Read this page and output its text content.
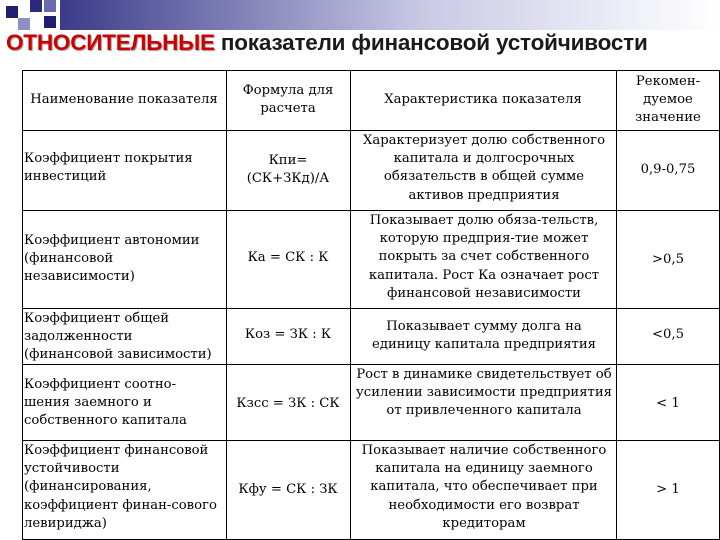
ОТНОСИТЕЛЬНЫЕ показатели финансовой устойчивости
Наименование показателя
Формула для расчета
Характеристика показателя
Рекомен-дуемое значение
Коэффициент покрытия инвестиций
Кпи= (СК+ЗКд)/А
Характеризует долю собственного капитала и долгосрочных обязательств в общей сумме активов предприятия
0,9-0,75
Коэффициент автономии (финансовой независимости)
Ка = СК : К
Показывает долю обяза-тельств, которую предприя-тие может покрыть за счет собственного капитала. Рост Ка означает рост финансовой независимости
>0,5
Коэффициент общей задолженности (финансовой зависимости)
Коз = ЗК : К
Показывает сумму долга на единицу капитала предприятия
<0,5
Коэффициент соотно-шения заемного и собственного капитала
Кзсс = ЗК : СК
Рост в динамике свидетельствует об усилении зависимости предприятия от привлеченного капитала
< 1
Коэффициент финансовой устойчивости (финансирования, коэффициент финан-сового левириджа)
Кфу = СК : ЗК
Показывает наличие собственного капитала на единицу заемного капитала, что обеспечивает при необходимости его возврат кредиторам
> 1
